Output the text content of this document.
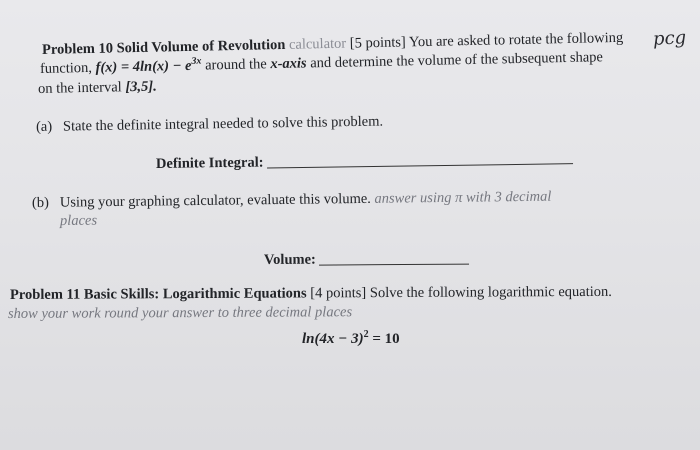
pcg
Problem 10 Solid Volume of Revolution calculator [5 points] You are asked to rotate the following
function, $f(x) = 4\ln(x) - e^{3x}$ around the x-axis and determine the volume of the subsequent shape
on the interval [3,5].
(a) State the definite integral needed to solve this problem.
Definite Integral:
(b) Using your graphing calculator, evaluate this volume. answer using π with 3 decimal
places
Volume:
Problem 11 Basic Skills: Logarithmic Equations [4 points] Solve the following logarithmic equation.
show your work round your answer to three decimal places
$\ln(4x - 3)^2 = 10$
